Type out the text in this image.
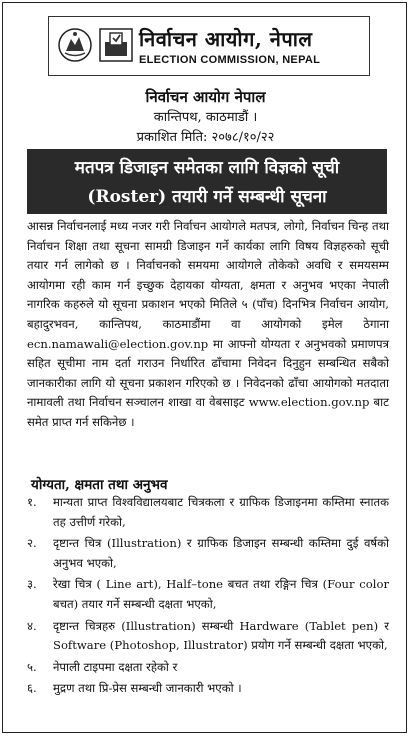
निर्वाचन आयोग, नेपाल
ELECTION COMMISSION, NEPAL
निर्वाचन आयोग नेपाल
कान्तिपथ, काठमाडौं ।
प्रकाशित मिति: २०७८/१०/२२
मतपत्र डिजाइन समेतका लागि विज्ञको सूची
(Roster) तयारी गर्ने सम्बन्धी सूचना
आसन्न निर्वाचनलाई मध्य नजर गरी निर्वाचन आयोगले मतपत्र, लोगो, निर्वाचन चिन्ह तथा निर्वाचन शिक्षा तथा सूचना सामग्री डिजाइन गर्ने कार्यका लागि विषय विज्ञहरुको सूची तयार गर्न लागेको छ । निर्वाचनको समयमा आयोगले तोकेको अवधि र समयसम्म आयोगमा रही काम गर्न इच्छुक देहायका योग्यता, क्षमता र अनुभव भएका नेपाली नागरिक कहरुले यो सूचना प्रकाशन भएको मितिले ५ (पाँच) दिनभित्र निर्वाचन आयोग, बहादुरभवन, कान्तिपथ, काठमाडौंमा वा आयोगको इमेल ठेगाना ecn.namawali@election.gov.np मा आफ्नो योग्यता र अनुभवको प्रमाणपत्र सहित सूचीमा नाम दर्ता गराउन निर्धारित ढाँचामा निवेदन दिनुहुन सम्बन्धित सबैको जानकारीका लागि यो सूचना प्रकाशन गरिएको छ । निवेदनको ढाँचा आयोगको मतदाता नामावली तथा निर्वाचन सञ्चालन शाखा वा वेबसाइट www.election.gov.np बाट समेत प्राप्त गर्न सकिनेछ ।
योग्यता, क्षमता तथा अनुभव
१.	मान्यता प्राप्त विश्वविद्यालयबाट चित्रकला र ग्राफिक डिजाइनमा कम्तिमा स्नातक तह उत्तीर्ण गरेको,
२.	दृष्टान्त चित्र (Illustration) र ग्राफिक डिजाइन सम्बन्धी कम्तिमा दुई वर्षको अनुभव भएको,
३.	रेखा चित्र ( Line art), Half–tone बचत तथा रङ्गिन चित्र (Four color बचत) तयार गर्ने सम्बन्धी दक्षता भएको,
४.	दृष्टान्त चित्रहरु (Illustration) सम्बन्धी Hardware (Tablet pen) र Software (Photoshop, Illustrator) प्रयोग गर्ने सम्बन्धी दक्षता भएको,
५.	नेपाली टाइपमा दक्षता रहेको र
६.	मुद्रण तथा प्रि-प्रेस सम्बन्धी जानकारी भएको ।
